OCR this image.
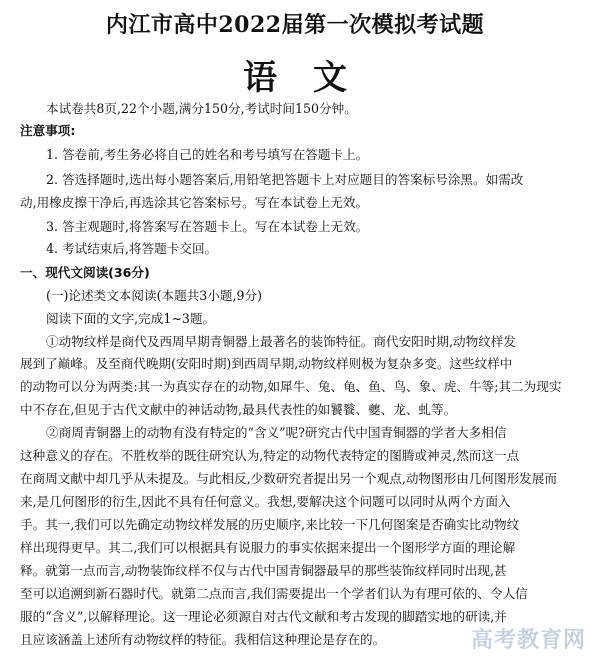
内江市高中2022届第一次模拟考试题
语文
本试卷共8页,22个小题,满分150分,考试时间150分钟。
注意事项:
1. 答卷前,考生务必将自己的姓名和考号填写在答题卡上。
2. 答选择题时,选出每小题答案后,用铅笔把答题卡上对应题目的答案标号涂黑。如需改
动,用橡皮擦干净后,再选涂其它答案标号。写在本试卷上无效。
3. 答主观题时,将答案写在答题卡上。写在本试卷上无效。
4. 考试结束后,将答题卡交回。
一、现代文阅读(36分)
(一)论述类文本阅读(本题共3小题,9分)
阅读下面的文字,完成1~3题。
①动物纹样是商代及西周早期青铜器上最著名的装饰特征。商代安阳时期,动物纹样发
展到了巅峰。及至商代晚期(安阳时期)到西周早期,动物纹样则极为复杂多变。这些纹样中
的动物可以分为两类:其一为真实存在的动物,如犀牛、兔、龟、鱼、鸟、象、虎、牛等;其二为现实
中不存在,但见于古代文献中的神话动物,最具代表性的如饕餮、夔、龙、虬等。
②商周青铜器上的动物有没有特定的“含义”呢?研究古代中国青铜器的学者大多相信
这种意义的存在。不胜枚举的既往研究认为,特定的动物代表特定的图腾或神灵,然而这一点
在商周文献中却几乎从未提及。与此相反,少数研究者提出另一个观点,动物图形由几何图形发展而
来,是几何图形的衍生,因此不具有任何意义。我想,要解决这个问题可以同时从两个方面入
手。其一,我们可以先确定动物纹样发展的历史顺序,来比较一下几何图案是否确实比动物纹
样出现得更早。其二,我们可以根据具有说服力的事实依据来提出一个图形学方面的理论解
释。就第一点而言,动物装饰纹样不仅与古代中国青铜器最早的那些装饰纹样同时出现,甚
至可以追溯到新石器时代。就第二点而言,我们需要提出一个学者们认为有理可依的、令人信
服的“含义”,以解释理论。这一理论必须源自对古代文献和考古发现的脚踏实地的研读,并
且应该涵盖上述所有动物纹样的特征。我相信这种理论是存在的。	高考教育网
